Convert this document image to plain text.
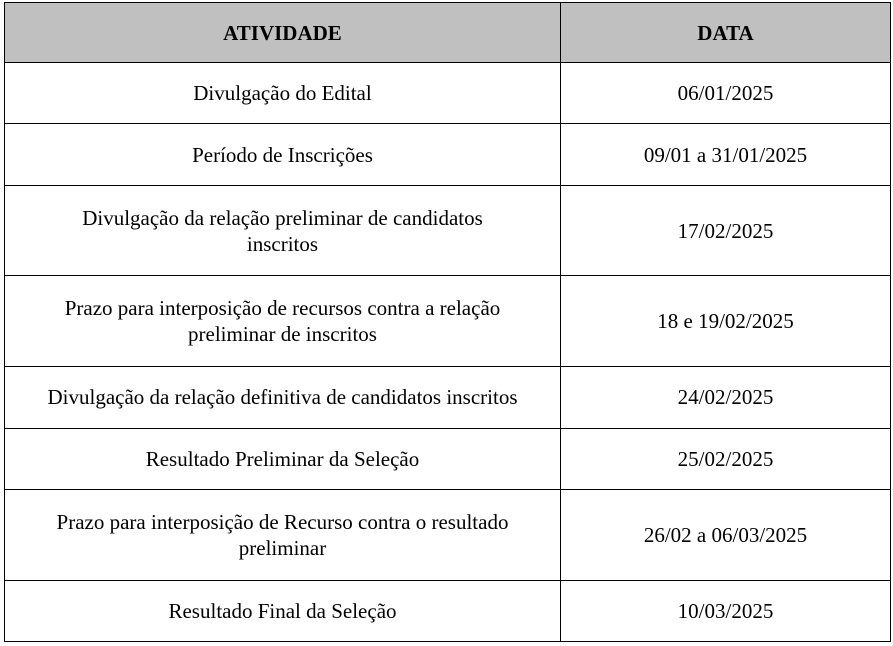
ATIVIDADE	DATA
Divulgação do Edital	06/01/2025
Período de Inscrições	09/01 a 31/01/2025
Divulgação da relação preliminar de candidatos inscritos	17/02/2025
Prazo para interposição de recursos contra a relação preliminar de inscritos	18 e 19/02/2025
Divulgação da relação definitiva de candidatos inscritos	24/02/2025
Resultado Preliminar da Seleção	25/02/2025
Prazo para interposição de Recurso contra o resultado preliminar	26/02 a 06/03/2025
Resultado Final da Seleção	10/03/2025
